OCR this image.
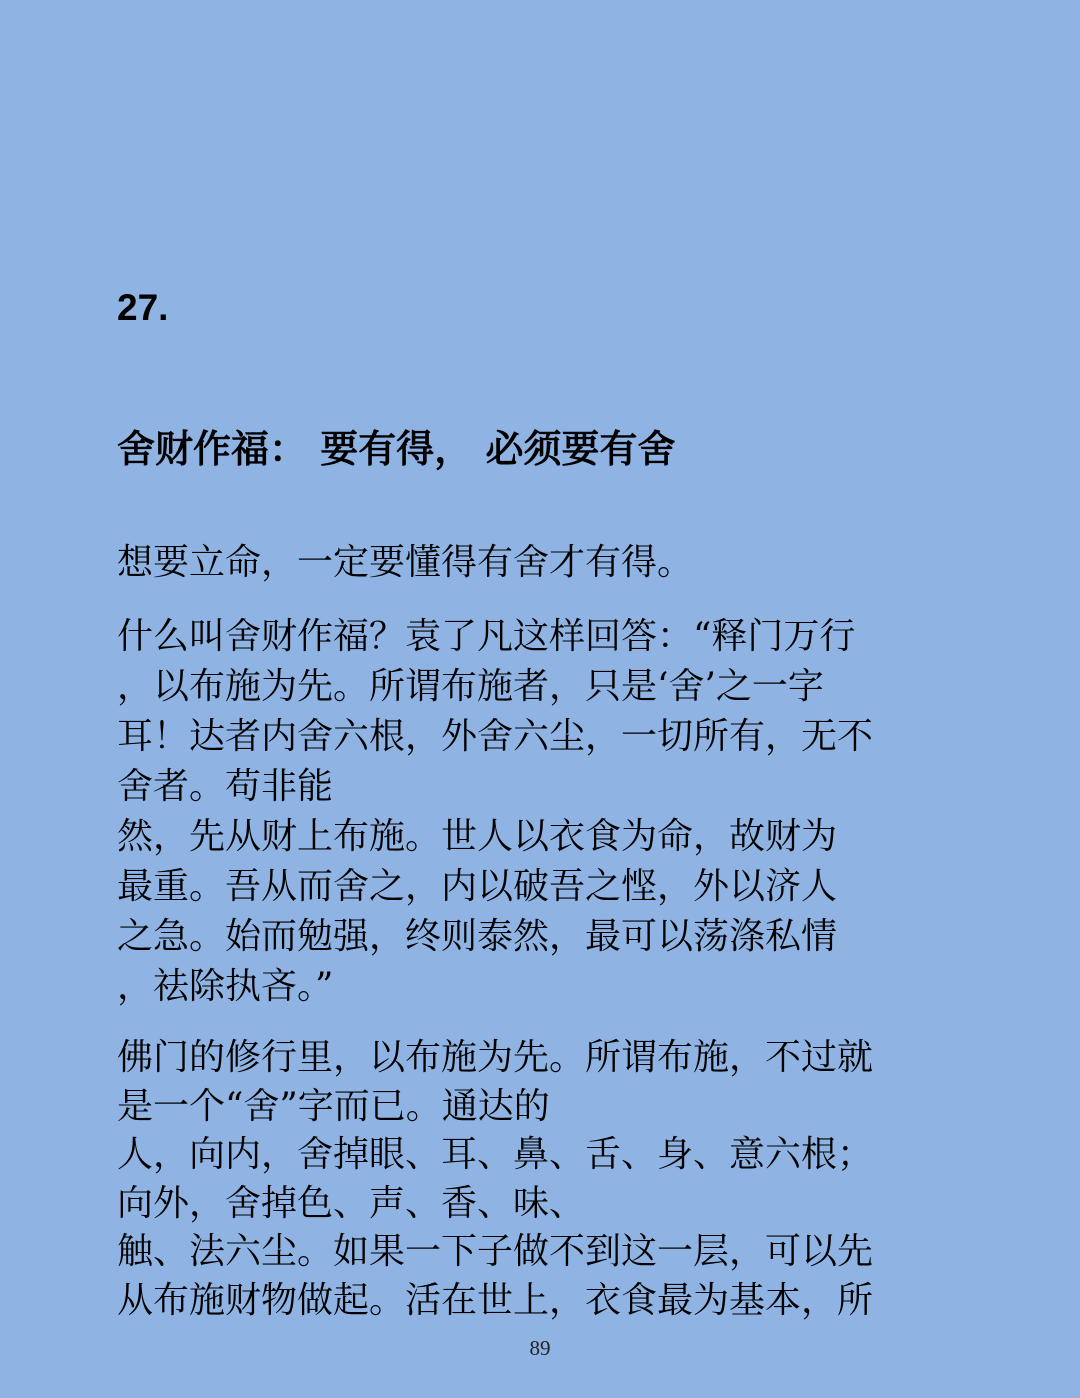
27.
舍财作福： 要有得， 必须要有舍
想要立命，一定要懂得有舍才有得。
什么叫舍财作福？袁了凡这样回答：“释门万行
，以布施为先。所谓布施者，只是‘舍’之一字
耳！达者内舍六根，外舍六尘，一切所有，无不
舍者。苟非能
然，先从财上布施。世人以衣食为命，故财为
最重。吾从而舍之，内以破吾之悭，外以济人
之急。始而勉强，终则泰然，最可以荡涤私情
，祛除执吝。”
佛门的修行里，以布施为先。所谓布施，不过就
是一个“舍”字而已。通达的
人，向内，舍掉眼、耳、鼻、舌、身、意六根；
向外，舍掉色、声、香、味、
触、法六尘。如果一下子做不到这一层，可以先
从布施财物做起。活在世上，衣食最为基本，所
89
